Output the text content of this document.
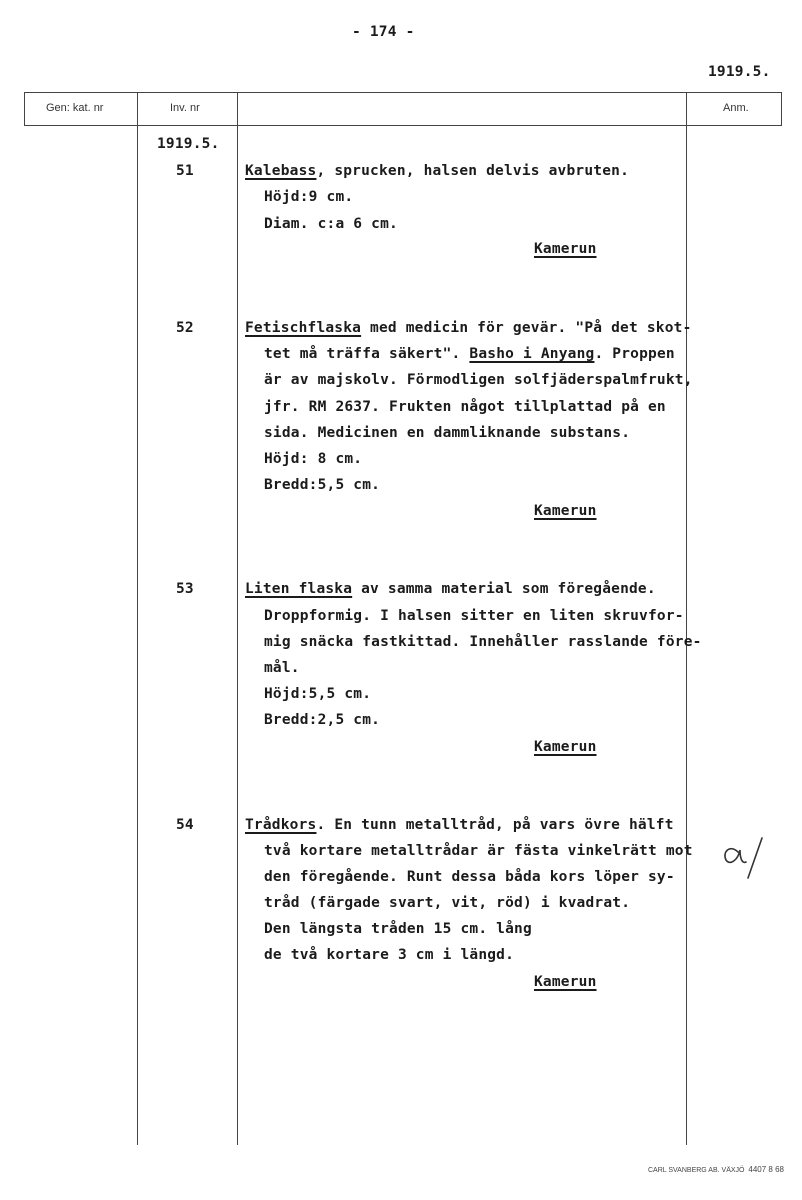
- 174 -
1919.5.
Gen: kat. nr	Inv. nr	Anm.
1919.5.
51	Kalebass, sprucken, halsen delvis avbruten.
Höjd:9 cm.
Diam. c:a 6 cm.
Kamerun
52	Fetischflaska med medicin för gevär. "På det skot-
tet må träffa säkert". Basho i Anyang. Proppen
är av majskolv. Förmodligen solfjäderspalmfrukt,
jfr. RM 2637. Frukten något tillplattad på en
sida. Medicinen en dammliknande substans.
Höjd: 8 cm.
Bredd:5,5 cm.
Kamerun
53	Liten flaska av samma material som föregående.
Droppformig. I halsen sitter en liten skruvfor-
mig snäcka fastkittad. Innehåller rasslande före-
mål.
Höjd:5,5 cm.
Bredd:2,5 cm.
Kamerun
54	Trådkors. En tunn metalltråd, på vars övre hälft
två kortare metalltrådar är fästa vinkelrätt mot
den föregående. Runt dessa båda kors löper sy-
tråd (färgade svart, vit, röd) i kvadrat.
Den längsta tråden 15 cm. lång
de två kortare 3 cm i längd.
Kamerun
CARL SVANBERG AB. VÄXJÖ 4407 8 68
